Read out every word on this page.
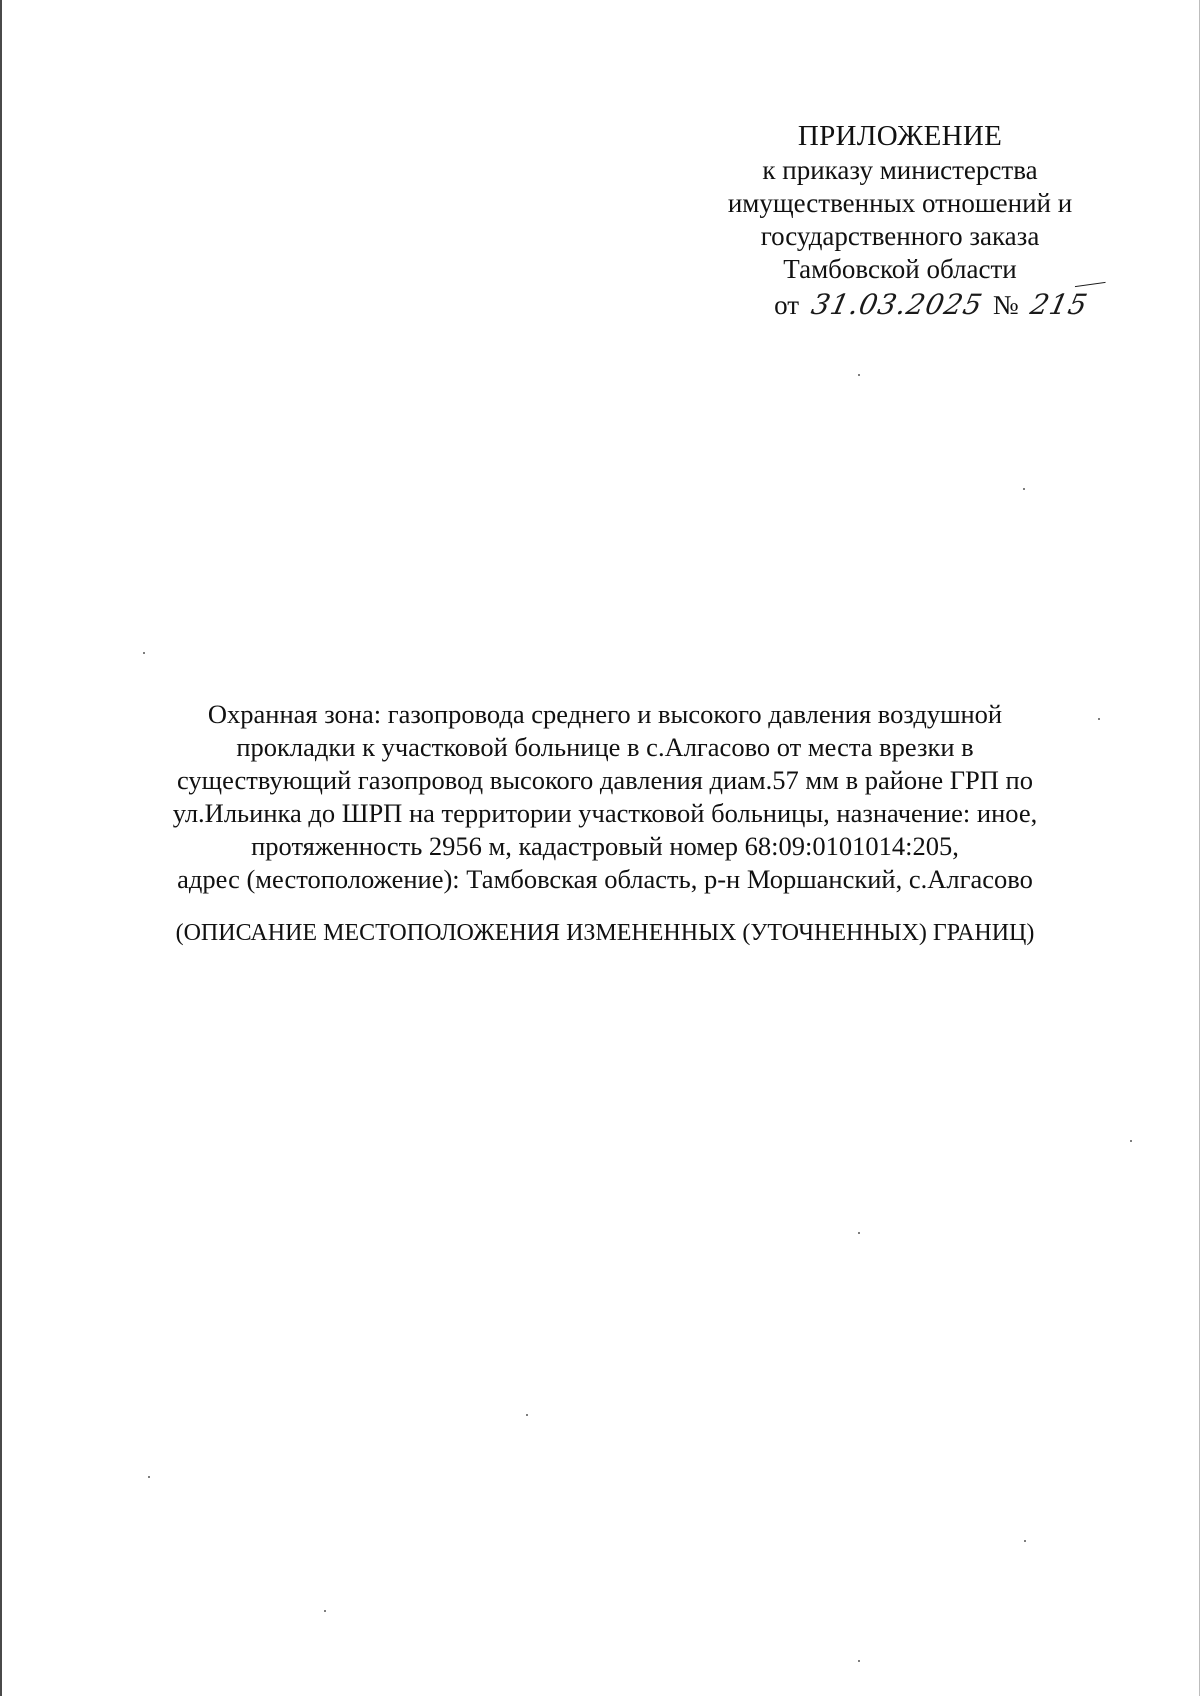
ПРИЛОЖЕНИЕ
к приказу министерства
имущественных отношений и
государственного заказа
Тамбовской области
от 31.03.2025 № 215
Охранная зона: газопровода среднего и высокого давления воздушной
прокладки к участковой больнице в с.Алгасово от места врезки в
существующий газопровод высокого давления диам.57 мм в районе ГРП по
ул.Ильинка до ШРП на территории участковой больницы, назначение: иное,
протяженность 2956 м, кадастровый номер 68:09:0101014:205,
адрес (местоположение): Тамбовская область, р-н Моршанский, с.Алгасово
(ОПИСАНИЕ МЕСТОПОЛОЖЕНИЯ ИЗМЕНЕННЫХ (УТОЧНЕННЫХ) ГРАНИЦ)
